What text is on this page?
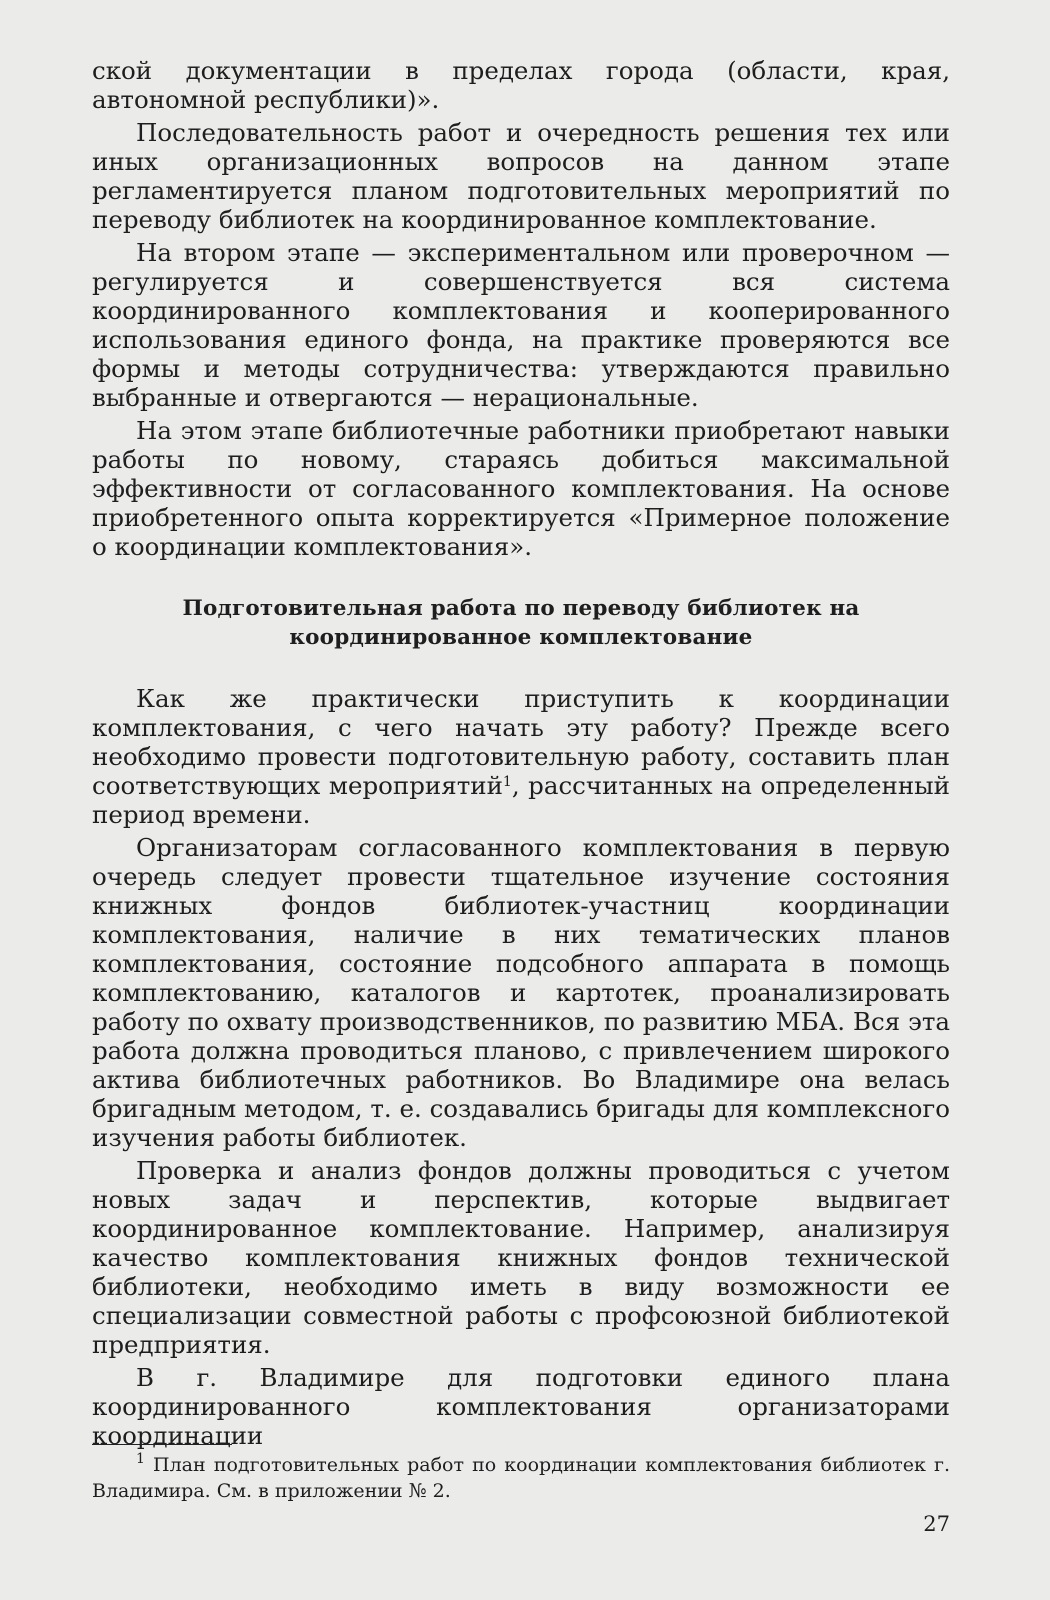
ской документации в пределах города (области, края, автономной республики)».

Последовательность работ и очередность решения тех или иных организационных вопросов на данном этапе регламентируется планом подготовительных мероприятий по переводу библиотек на координированное комплектование.

На втором этапе — экспериментальном или проверочном — регулируется и совершенствуется вся система координированного комплектования и кооперированного использования единого фонда, на практике проверяются все формы и методы сотрудничества: утверждаются правильно выбранные и отвергаются — нерациональные.

На этом этапе библиотечные работники приобретают навыки работы по новому, стараясь добиться максимальной эффективности от согласованного комплектования. На основе приобретенного опыта корректируется «Примерное положение о координации комплектования».

Подготовительная работа по переводу библиотек на

координированное комплектование

Как же практически приступить к координации комплектования, с чего начать эту работу? Прежде всего необходимо провести подготовительную работу, составить план соответствующих мероприятий$^1$, рассчитанных на определенный период времени.

Организаторам согласованного комплектования в первую очередь следует провести тщательное изучение состояния книжных фондов библиотек-участниц координации комплектования, наличие в них тематических планов комплектования, состояние подсобного аппарата в помощь комплектованию, каталогов и картотек, проанализировать работу по охвату производственников, по развитию МБА. Вся эта работа должна проводиться планово, с привлечением широкого актива библиотечных работников. Во Владимире она велась бригадным методом, т. е. создавались бригады для комплексного изучения работы библиотек.

Проверка и анализ фондов должны проводиться с учетом новых задач и перспектив, которые выдвигает координированное комплектование. Например, анализируя качество комплектования книжных фондов технической библиотеки, необходимо иметь в виду возможности ее специализации совместной работы с профсоюзной библиотекой предприятия.

В г. Владимире для подготовки единого плана координированного комплектования организаторами координации

$^1$ План подготовительных работ по координации комплектования библиотек г. Владимира. См. в приложении № 2.

27
